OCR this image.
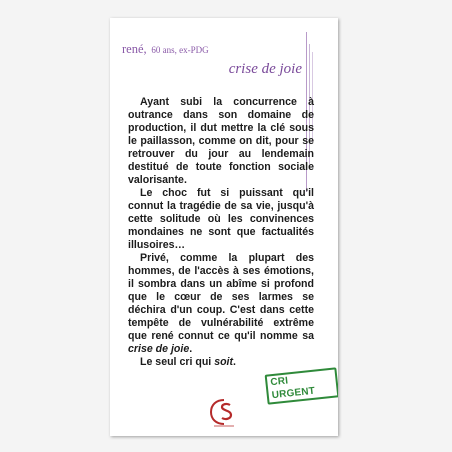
rené, 60 ans, ex-PDG
crise de joie

Ayant subi la concurrence à outrance dans son domaine de production, il dut mettre la clé sous le paillasson, comme on dit, pour se retrouver du jour au lendemain destitué de toute fonction sociale valorisante.

Le choc fut si puissant qu'il connut la tragédie de sa vie, jusqu'à cette solitude où les convinences mondaines ne sont que factualités illusoires…

Privé, comme la plupart des hommes, de l'accès à ses émotions, il sombra dans un abîme si profond que le cœur de ses larmes se déchira d'un coup. C'est dans cette tempête de vulnérabilité extrême que rené connut ce qu'il nomme sa crise de joie.

Le seul cri qui soit.

CRI URGENT
